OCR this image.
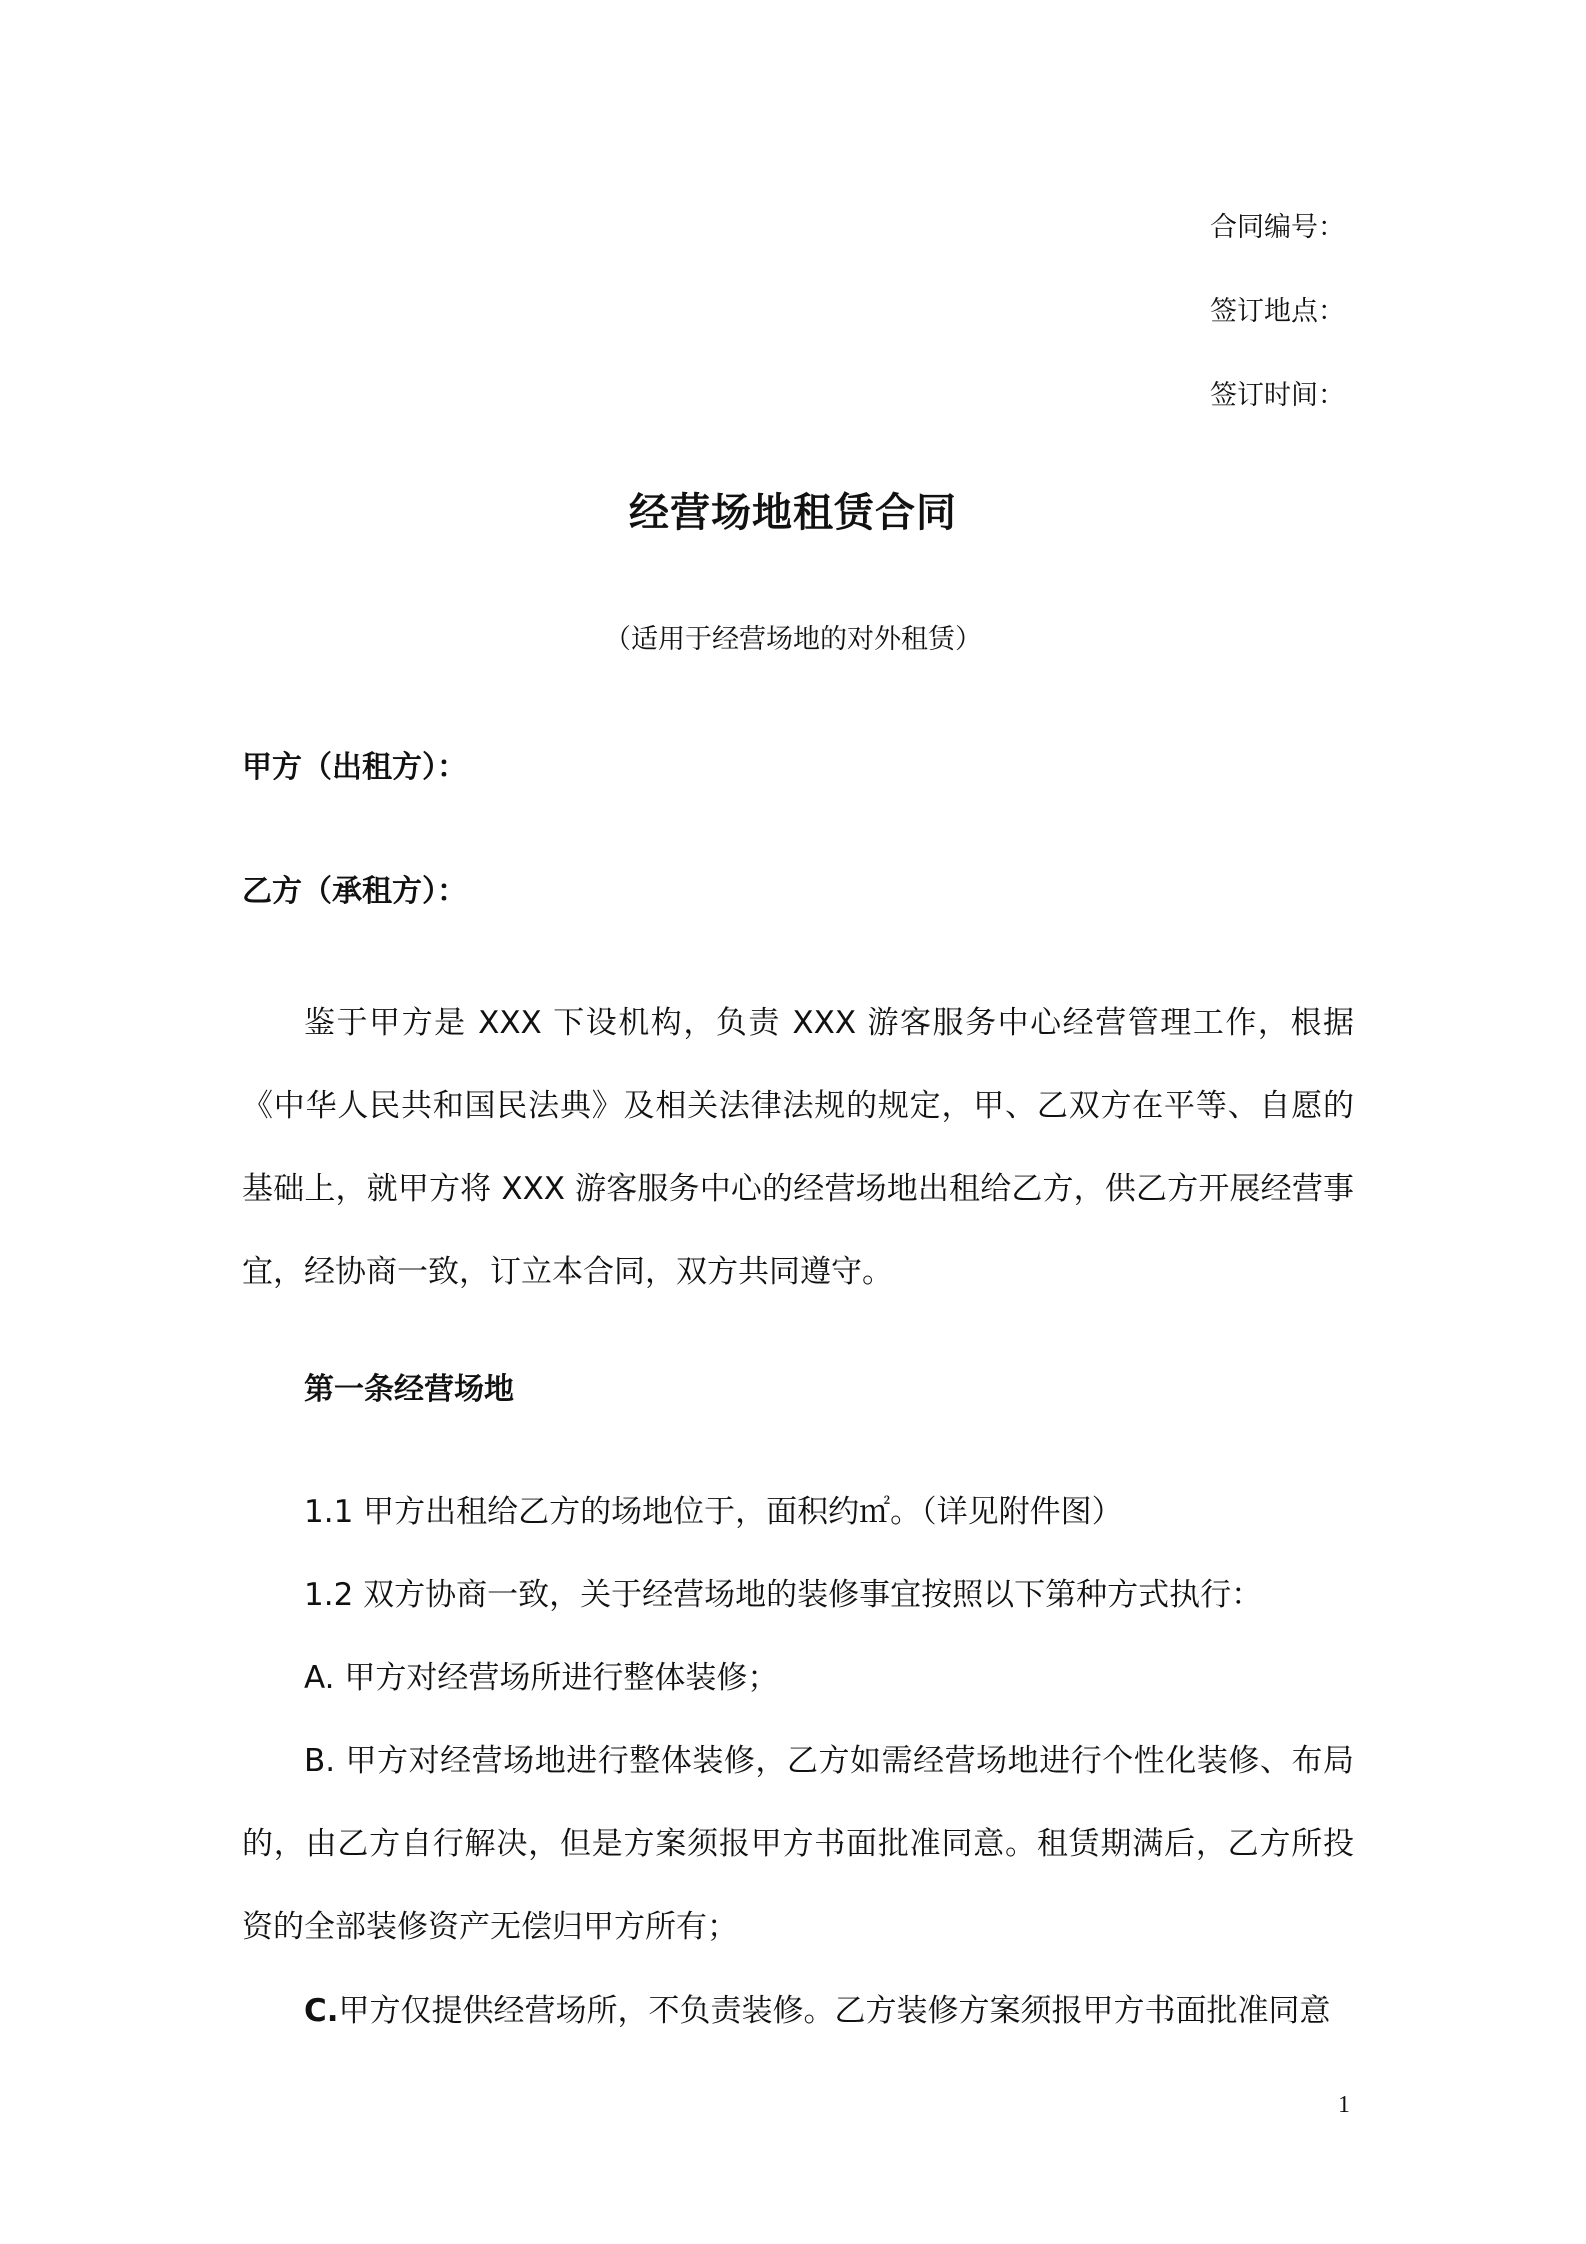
合同编号：
签订地点：
签订时间：
经营场地租赁合同
（适用于经营场地的对外租赁）
甲方（出租方）：
乙方（承租方）：

鉴于甲方是 XXX 下设机构，负责 XXX 游客服务中心经营管理工作，根据《中华人民共和国民法典》及相关法律法规的规定，甲、乙双方在平等、自愿的基础上，就甲方将 XXX 游客服务中心的经营场地出租给乙方，供乙方开展经营事宜，经协商一致，订立本合同，双方共同遵守。

第一条经营场地
1.1 甲方出租给乙方的场地位于，面积约㎡。（详见附件图）
1.2 双方协商一致，关于经营场地的装修事宜按照以下第种方式执行：
A. 甲方对经营场所进行整体装修；

B. 甲方对经营场地进行整体装修，乙方如需经营场地进行个性化装修、布局的，由乙方自行解决，但是方案须报甲方书面批准同意。租赁期满后，乙方所投资的全部装修资产无偿归甲方所有；

C.甲方仅提供经营场所，不负责装修。乙方装修方案须报甲方书面批准同意

1
